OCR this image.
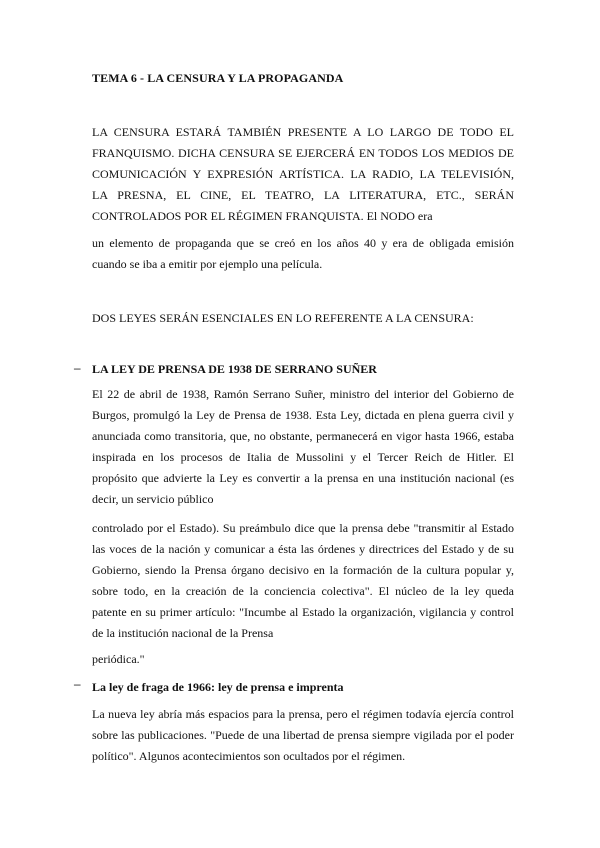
TEMA 6 - LA CENSURA Y LA PROPAGANDA
LA CENSURA ESTARÁ TAMBIÉN PRESENTE A LO LARGO DE TODO EL
FRANQUISMO. DICHA CENSURA SE EJERCERÁ EN TODOS LOS MEDIOS DE
COMUNICACIÓN Y EXPRESIÓN ARTÍSTICA. LA RADIO, LA TELEVISIÓN,
LA PRESNA, EL CINE, EL TEATRO, LA LITERATURA, ETC., SERÁN
CONTROLADOS POR EL RÉGIMEN FRANQUISTA. El NODO era
un elemento de propaganda que se creó en los años 40 y era de obligada emisión
cuando se iba a emitir por ejemplo una película.
DOS LEYES SERÁN ESENCIALES EN LO REFERENTE A LA CENSURA:
– LA LEY DE PRENSA DE 1938 DE SERRANO SUÑER
El 22 de abril de 1938, Ramón Serrano Suñer, ministro del interior del Gobierno de
Burgos, promulgó la Ley de Prensa de 1938. Esta Ley, dictada en plena guerra civil y
anunciada como transitoria, que, no obstante, permanecerá en vigor hasta 1966, estaba
inspirada en los procesos de Italia de Mussolini y el Tercer Reich de Hitler. El
propósito que advierte la Ley es convertir a la prensa en una institución nacional (es
decir, un servicio público
controlado por el Estado). Su preámbulo dice que la prensa debe "transmitir al Estado
las voces de la nación y comunicar a ésta las órdenes y directrices del Estado y de su
Gobierno, siendo la Prensa órgano decisivo en la formación de la cultura popular y,
sobre todo, en la creación de la conciencia colectiva". El núcleo de la ley queda
patente en su primer artículo: "Incumbe al Estado la organización, vigilancia y control
de la institución nacional de la Prensa
periódica."
– La ley de fraga de 1966: ley de prensa e imprenta
La nueva ley abría más espacios para la prensa, pero el régimen todavía ejercía control
sobre las publicaciones. "Puede de una libertad de prensa siempre vigilada por el poder
político". Algunos acontecimientos son ocultados por el régimen.
